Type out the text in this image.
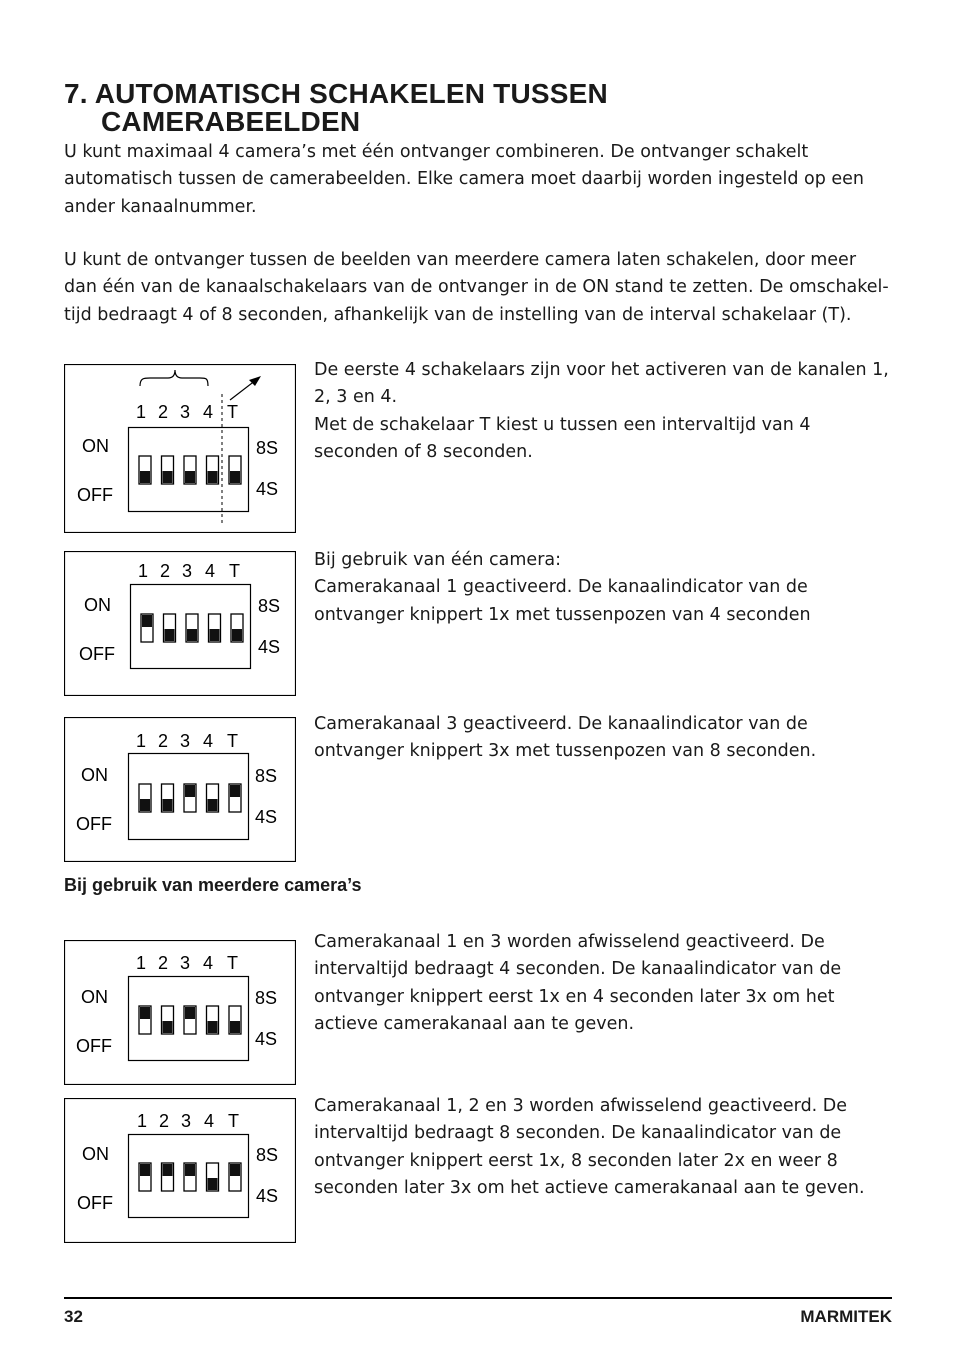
7. AUTOMATISCH SCHAKELEN TUSSEN
CAMERABEELDEN

U kunt maximaal 4 camera’s met één ontvanger combineren. De ontvanger schakelt automatisch tussen de camerabeelden. Elke camera moet daarbij worden ingesteld op een ander kanaalnummer.

U kunt de ontvanger tussen de beelden van meerdere camera laten schakelen, door meer dan één van de kanaalschakelaars van de ontvanger in de ON stand te zetten. De omschakel-tijd bedraagt 4 of 8 seconden, afhankelijk van de instelling van de interval schakelaar (T).

1 2 3 4 T
ON
OFF
8S
4S

De eerste 4 schakelaars zijn voor het activeren van de kanalen 1, 2, 3 en 4.
Met de schakelaar T kiest u tussen een intervaltijd van 4 seconden of 8 seconden.

1 2 3 4 T
ON
OFF
8S
4S

Bij gebruik van één camera:
Camerakanaal 1 geactiveerd. De kanaalindicator van de ontvanger knippert 1x met tussenpozen van 4 seconden

1 2 3 4 T
ON
OFF
8S
4S

Camerakanaal 3 geactiveerd. De kanaalindicator van de ontvanger knippert 3x met tussenpozen van 8 seconden.

Bij gebruik van meerdere camera’s
1 2 3 4 T
ON
OFF
8S
4S

Camerakanaal 1 en 3 worden afwisselend geactiveerd. De intervaltijd bedraagt 4 seconden. De kanaalindicator van de ontvanger knippert eerst 1x en 4 seconden later 3x om het actieve camerakanaal aan te geven.

1 2 3 4 T
ON
OFF
8S
4S

Camerakanaal 1, 2 en 3 worden afwisselend geactiveerd. De intervaltijd bedraagt 8 seconden. De kanaalindicator van de ontvanger knippert eerst 1x, 8 seconden later 2x en weer 8 seconden later 3x om het actieve camerakanaal aan te geven.

32	MARMITEK
